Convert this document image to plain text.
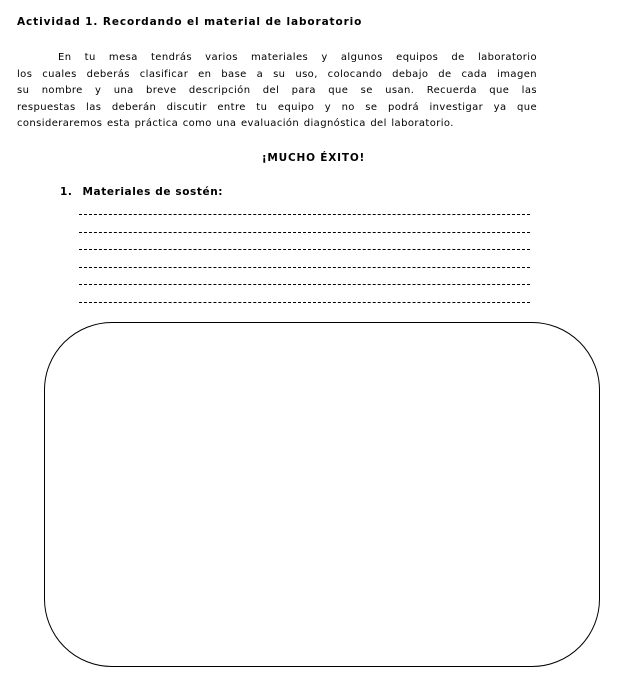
Actividad 1. Recordando el material de laboratorio
En tu mesa tendrás varios materiales y algunos equipos de laboratorio
los cuales deberás clasificar en base a su uso, colocando debajo de cada imagen
su nombre y una breve descripción del para que se usan. Recuerda que las
respuestas las deberán discutir entre tu equipo y no se podrá investigar ya que
consideraremos esta práctica como una evaluación diagnóstica del laboratorio.
¡MUCHO ÉXITO!
1. Materiales de sostén:
